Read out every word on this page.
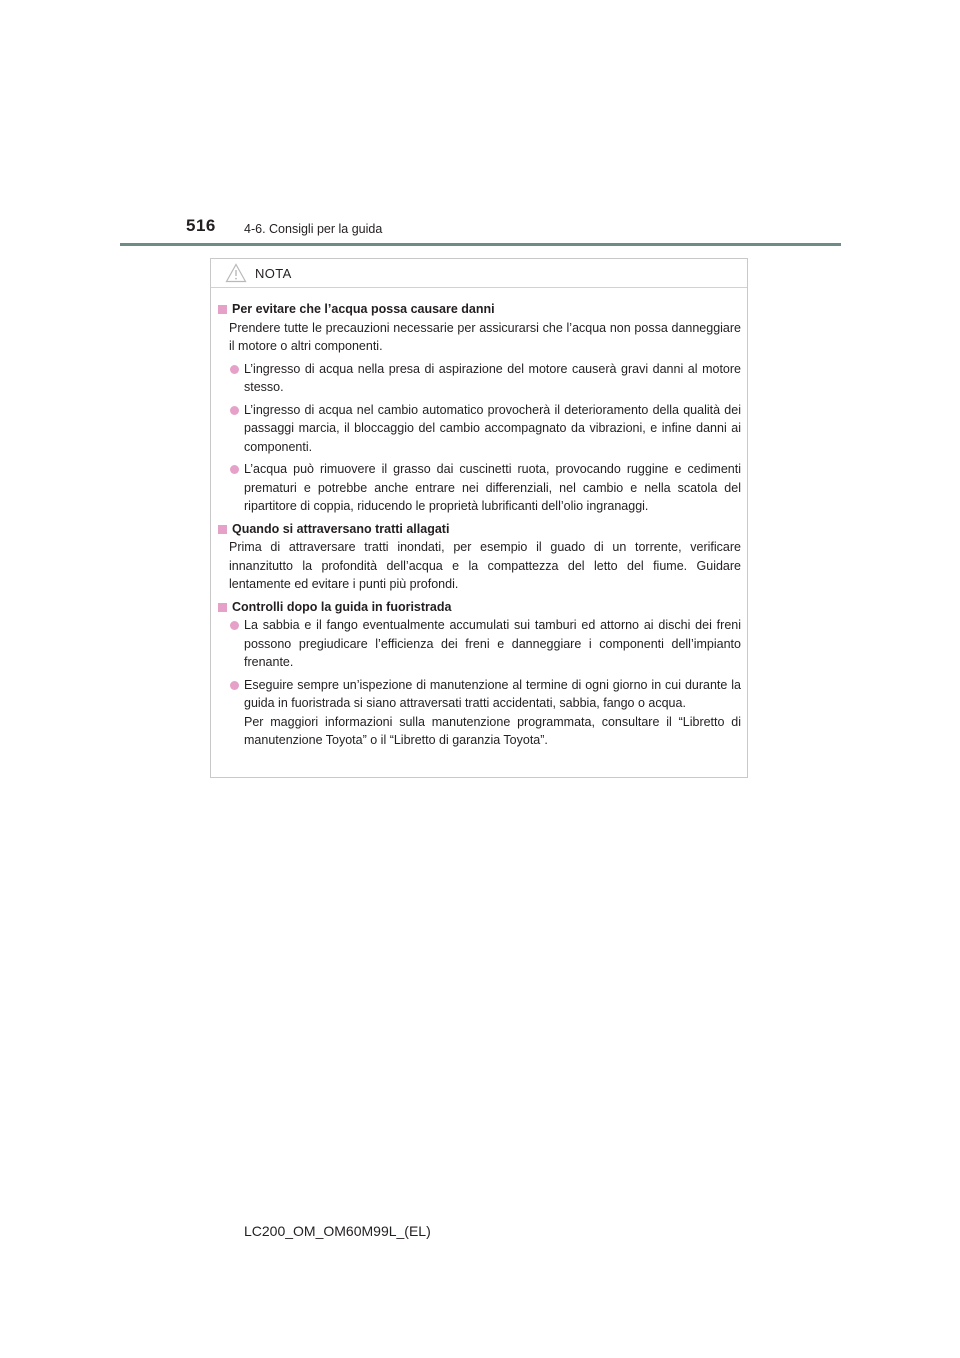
516 4-6. Consigli per la guida
NOTA
Per evitare che l’acqua possa causare danni
Prendere tutte le precauzioni necessarie per assicurarsi che l’acqua non possa danneggiare il motore o altri componenti.
L’ingresso di acqua nella presa di aspirazione del motore causerà gravi danni al motore stesso.
L’ingresso di acqua nel cambio automatico provocherà il deterioramento della qualità dei passaggi marcia, il bloccaggio del cambio accompagnato da vibrazioni, e infine danni ai componenti.
L’acqua può rimuovere il grasso dai cuscinetti ruota, provocando ruggine e cedimenti prematuri e potrebbe anche entrare nei differenziali, nel cambio e nella scatola del ripartitore di coppia, riducendo le proprietà lubrificanti dell’olio ingranaggi.
Quando si attraversano tratti allagati
Prima di attraversare tratti inondati, per esempio il guado di un torrente, verificare innanzitutto la profondità dell’acqua e la compattezza del letto del fiume. Guidare lentamente ed evitare i punti più profondi.
Controlli dopo la guida in fuoristrada
La sabbia e il fango eventualmente accumulati sui tamburi ed attorno ai dischi dei freni possono pregiudicare l’efficienza dei freni e danneggiare i componenti dell’impianto frenante.
Eseguire sempre un’ispezione di manutenzione al termine di ogni giorno in cui durante la guida in fuoristrada si siano attraversati tratti accidentati, sabbia, fango o acqua.
Per maggiori informazioni sulla manutenzione programmata, consultare il “Libretto di manutenzione Toyota” o il “Libretto di garanzia Toyota”.
LC200_OM_OM60M99L_(EL)
